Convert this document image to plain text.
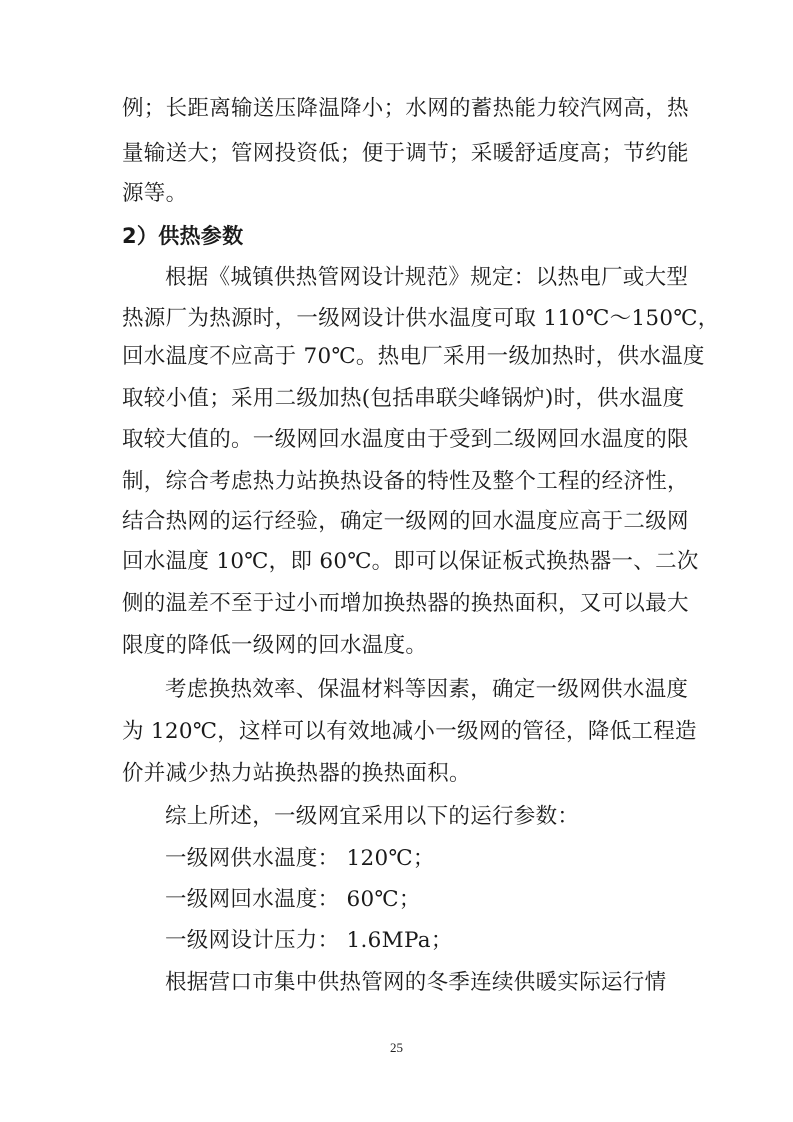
例；长距离输送压降温降小；水网的蓄热能力较汽网高，热
量输送大；管网投资低；便于调节；采暖舒适度高；节约能
源等。
2）供热参数
根据《城镇供热管网设计规范》规定：以热电厂或大型
热源厂为热源时，一级网设计供水温度可取 110℃～150℃，
回水温度不应高于 70℃。热电厂采用一级加热时，供水温度
取较小值；采用二级加热(包括串联尖峰锅炉)时，供水温度
取较大值的。一级网回水温度由于受到二级网回水温度的限
制，综合考虑热力站换热设备的特性及整个工程的经济性，
结合热网的运行经验，确定一级网的回水温度应高于二级网
回水温度 10℃，即 60℃。即可以保证板式换热器一、二次
侧的温差不至于过小而增加换热器的换热面积，又可以最大
限度的降低一级网的回水温度。
考虑换热效率、保温材料等因素，确定一级网供水温度
为 120℃，这样可以有效地减小一级网的管径，降低工程造
价并减少热力站换热器的换热面积。
综上所述，一级网宜采用以下的运行参数：
一级网供水温度： 120℃；
一级网回水温度： 60℃；
一级网设计压力： 1.6MPa；
根据营口市集中供热管网的冬季连续供暖实际运行情
25
